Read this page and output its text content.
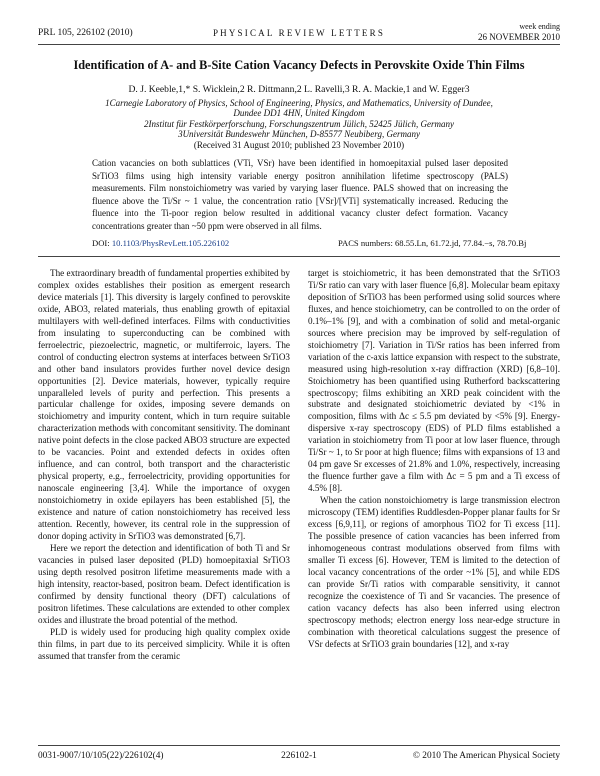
PRL 105, 226102 (2010)	PHYSICAL REVIEW LETTERS
week ending
26 NOVEMBER 2010
Identification of A- and B-Site Cation Vacancy Defects in Perovskite Oxide Thin Films
D. J. Keeble,1,* S. Wicklein,2 R. Dittmann,2 L. Ravelli,3 R. A. Mackie,1 and W. Egger3
1Carnegie Laboratory of Physics, School of Engineering, Physics, and Mathematics, University of Dundee,
Dundee DD1 4HN, United Kingdom
2Institut für Festkörperforschung, Forschungszentrum Jülich, 52425 Jülich, Germany
3Universität Bundeswehr München, D-85577 Neubiberg, Germany
(Received 31 August 2010; published 23 November 2010)
Cation vacancies on both sublattices (VTi, VSr) have been identified in homoepitaxial pulsed laser deposited SrTiO3 films using high intensity variable energy positron annihilation lifetime spectroscopy (PALS) measurements. Film nonstoichiometry was varied by varying laser fluence. PALS showed that on increasing the fluence above the Ti/Sr ~ 1 value, the concentration ratio [VSr]/[VTi] systematically increased. Reducing the fluence into the Ti-poor region below resulted in additional vacancy cluster defect formation. Vacancy concentrations greater than ~50 ppm were observed in all films.
DOI: 10.1103/PhysRevLett.105.226102	PACS numbers: 68.55.Ln, 61.72.jd, 77.84.−s, 78.70.Bj

The extraordinary breadth of fundamental properties exhibited by complex oxides establishes their position as emergent research device materials [1]. This diversity is largely confined to perovskite oxide, ABO3, related materials, thus enabling growth of epitaxial multilayers with well-defined interfaces. Films with conductivities from insulating to superconducting can be combined with ferroelectric, piezoelectric, magnetic, or multiferroic, layers. The control of conducting electron systems at interfaces between SrTiO3 and other band insulators provides further novel device design opportunities [2]. Device materials, however, typically require unparalleled levels of purity and perfection. This presents a particular challenge for oxides, imposing severe demands on stoichiometry and impurity content, which in turn require suitable characterization methods with concomitant sensitivity. The dominant native point defects in the close packed ABO3 structure are expected to be vacancies. Point and extended defects in oxides often influence, and can control, both transport and the characteristic physical property, e.g., ferroelectricity, providing opportunities for nanoscale engineering [3,4]. While the importance of oxygen nonstoichiometry in oxide epilayers has been established [5], the existence and nature of cation nonstoichiometry has received less attention. Recently, however, its central role in the suppression of donor doping activity in SrTiO3 was demonstrated [6,7].

Here we report the detection and identification of both Ti and Sr vacancies in pulsed laser deposited (PLD) homoepitaxial SrTiO3 using depth resolved positron lifetime measurements made with a high intensity, reactor-based, positron beam. Defect identification is confirmed by density functional theory (DFT) calculations of positron lifetimes. These calculations are extended to other complex oxides and illustrate the broad potential of the method.

PLD is widely used for producing high quality complex oxide thin films, in part due to its perceived simplicity. While it is often assumed that transfer from the ceramic

target is stoichiometric, it has been demonstrated that the SrTiO3 Ti/Sr ratio can vary with laser fluence [6,8]. Molecular beam epitaxy deposition of SrTiO3 has been performed using solid sources where fluxes, and hence stoichiometry, can be controlled to on the order of 0.1%–1% [9], and with a combination of solid and metal-organic sources where precision may be improved by self-regulation of stoichiometry [7]. Variation in Ti/Sr ratios has been inferred from variation of the c-axis lattice expansion with respect to the substrate, measured using high-resolution x-ray diffraction (XRD) [6,8–10]. Stoichiometry has been quantified using Rutherford backscattering spectroscopy; films exhibiting an XRD peak coincident with the substrate and designated stoichiometric deviated by <1% in composition, films with Δc ≤ 5.5 pm deviated by <5% [9]. Energy-dispersive x-ray spectroscopy (EDS) of PLD films established a variation in stoichiometry from Ti poor at low laser fluence, through Ti/Sr ~ 1, to Sr poor at high fluence; films with expansions of 13 and 04 pm gave Sr excesses of 21.8% and 1.0%, respectively, increasing the fluence further gave a film with Δc = 5 pm and a Ti excess of 4.5% [8].

When the cation nonstoichiometry is large transmission electron microscopy (TEM) identifies Ruddlesden-Popper planar faults for Sr excess [6,9,11], or regions of amorphous TiO2 for Ti excess [11]. The possible presence of cation vacancies has been inferred from inhomogeneous contrast modulations observed from films with smaller Ti excess [6]. However, TEM is limited to the detection of local vacancy concentrations of the order ~1% [5], and while EDS can provide Sr/Ti ratios with comparable sensitivity, it cannot recognize the coexistence of Ti and Sr vacancies. The presence of cation vacancy defects has also been inferred using electron spectroscopy methods; electron energy loss near-edge structure in combination with theoretical calculations suggest the presence of VSr defects at SrTiO3 grain boundaries [12], and x-ray

0031-9007/10/105(22)/226102(4)	226102-1	© 2010 The American Physical Society
